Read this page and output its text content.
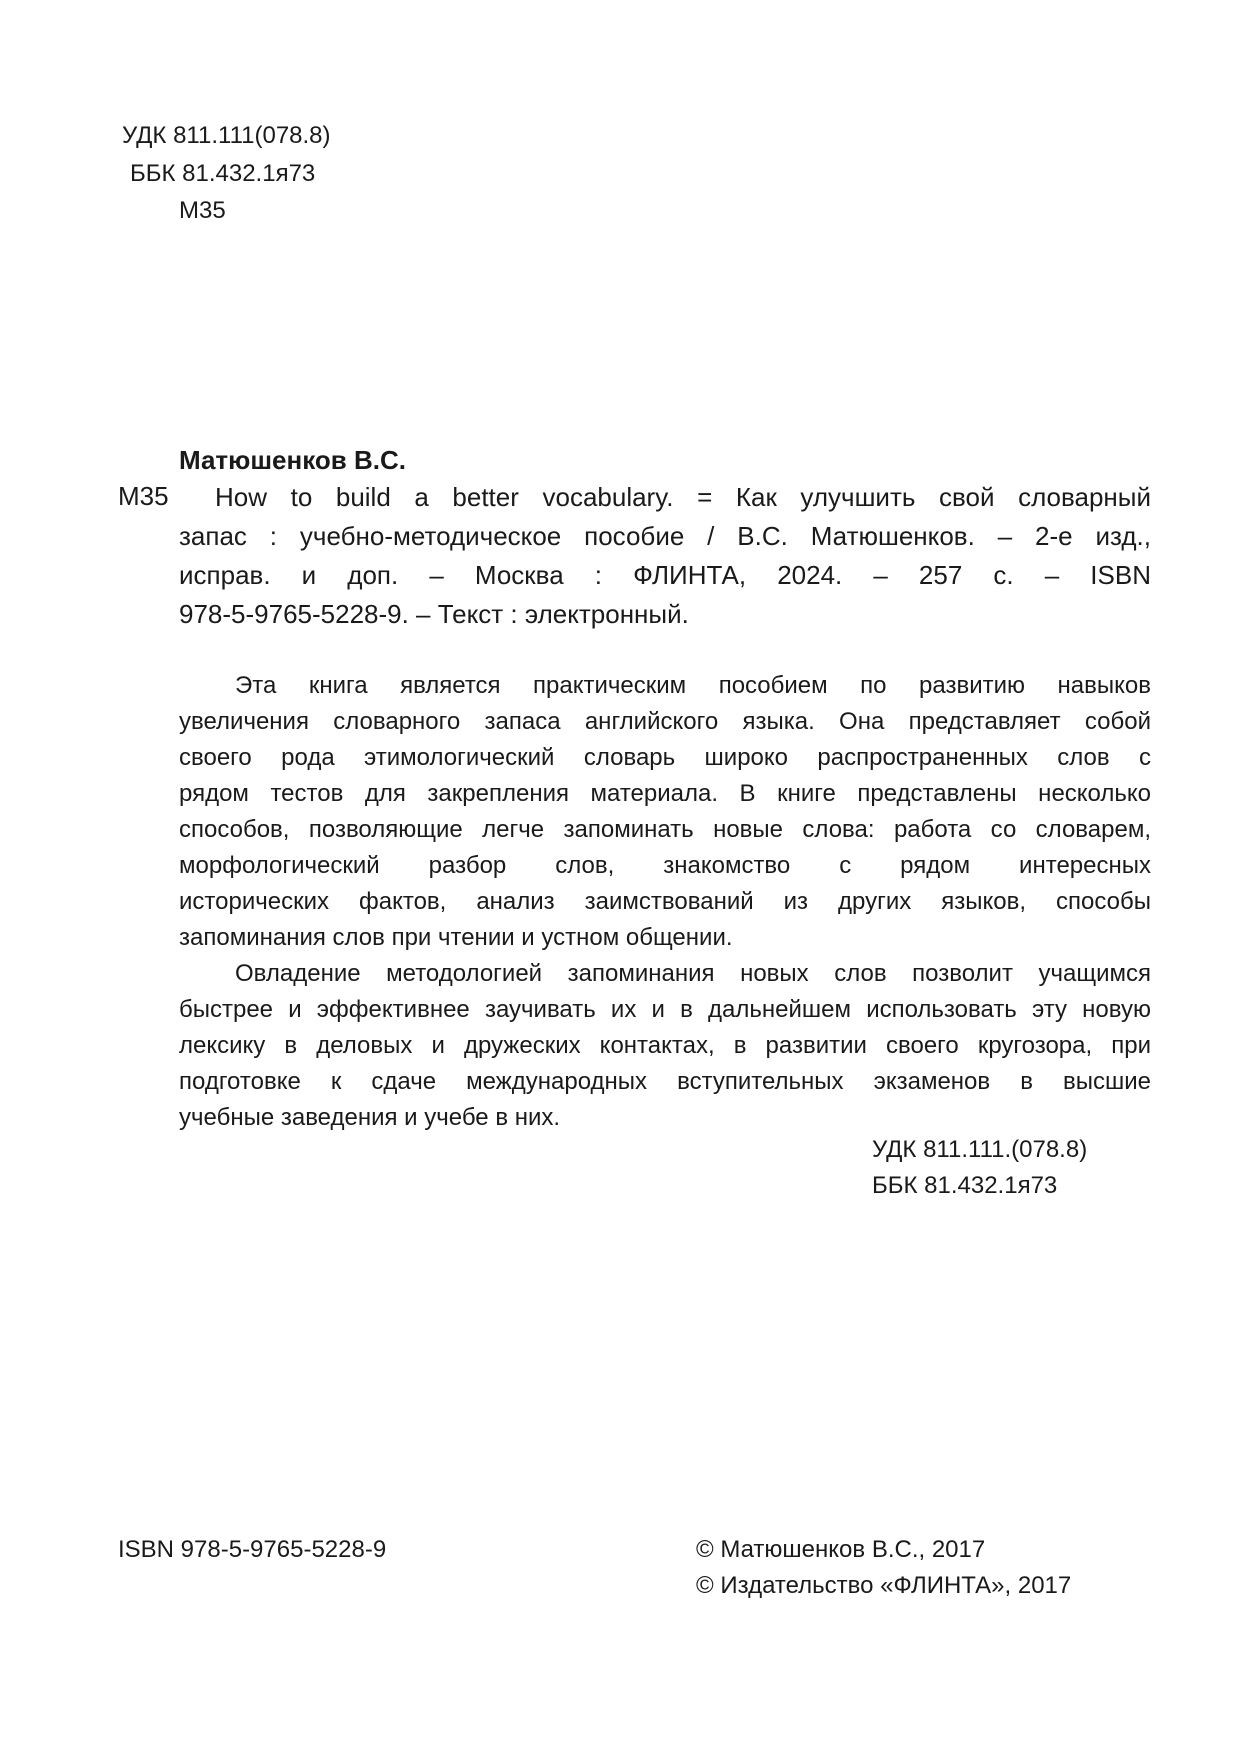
УДК 811.111(078.8)
ББК 81.432.1я73
М35
Матюшенков В.С.
М35	How to build a better vocabulary. = Как улучшить свой словарный
запас : учебно-методическое пособие / В.С. Матюшенков. – 2-е изд.,
исправ. и доп. – Москва : ФЛИНТА, 2024. – 257 с. – ISBN
978-5-9765-5228-9. – Текст : электронный.
Эта книга является практическим пособием по развитию навыков
увеличения словарного запаса английского языка. Она представляет собой
своего рода этимологический словарь широко распространенных слов с
рядом тестов для закрепления материала. В книге представлены несколько
способов, позволяющие легче запоминать новые слова: работа со словарем,
морфологический разбор слов, знакомство с рядом интересных
исторических фактов, анализ заимствований из других языков, способы
запоминания слов при чтении и устном общении.
Овладение методологией запоминания новых слов позволит учащимся
быстрее и эффективнее заучивать их и в дальнейшем использовать эту новую
лексику в деловых и дружеских контактах, в развитии своего кругозора, при
подготовке к сдаче международных вступительных экзаменов в высшие
учебные заведения и учебе в них.
УДК 811.111.(078.8)
ББК 81.432.1я73
ISBN 978-5-9765-5228-9	© Матюшенков В.С., 2017
© Издательство «ФЛИНТА», 2017
